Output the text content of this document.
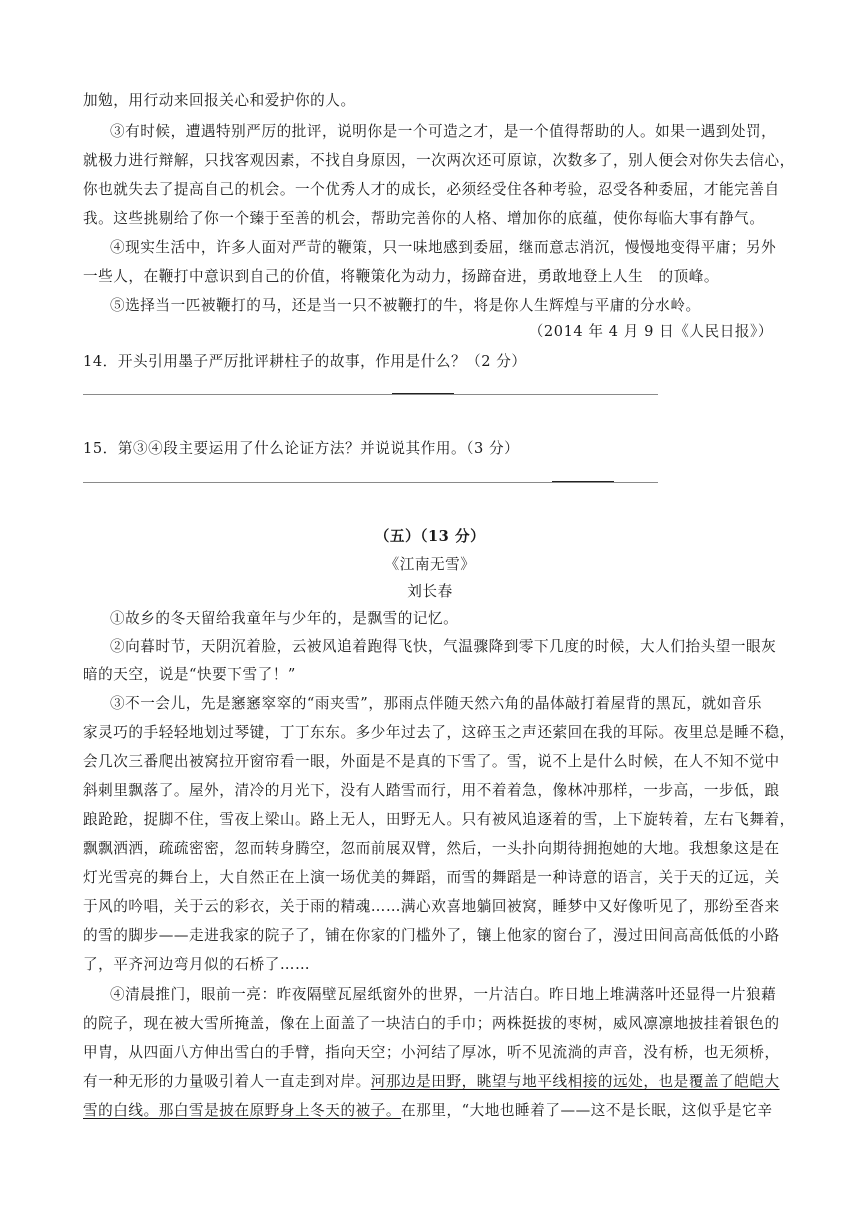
加勉，用行动来回报关心和爱护你的人。
③有时候，遭遇特别严厉的批评，说明你是一个可造之才，是一个值得帮助的人。如果一遇到处罚，
就极力进行辩解，只找客观因素，不找自身原因，一次两次还可原谅，次数多了，别人便会对你失去信心，
你也就失去了提高自己的机会。一个优秀人才的成长，必须经受住各种考验，忍受各种委屈，才能完善自
我。这些挑剔给了你一个臻于至善的机会，帮助完善你的人格、增加你的底蕴，使你每临大事有静气。
④现实生活中，许多人面对严苛的鞭策，只一味地感到委屈，继而意志消沉，慢慢地变得平庸；另外
一些人，在鞭打中意识到自己的价值，将鞭策化为动力，扬蹄奋进，勇敢地登上人生　的顶峰。
⑤选择当一匹被鞭打的马，还是当一只不被鞭打的牛，将是你人生辉煌与平庸的分水岭。
（2014 年 4 月 9 日《人民日报》）
14．开头引用墨子严厉批评耕柱子的故事，作用是什么？（2 分）
15．第③④段主要运用了什么论证方法？并说说其作用。（3 分）
（五）（13 分）
《江南无雪》
刘长春
①故乡的冬天留给我童年与少年的，是飘雪的记忆。
②向暮时节，天阴沉着脸，云被风追着跑得飞快，气温骤降到零下几度的时候，大人们抬头望一眼灰
暗的天空，说是“快要下雪了！”
③不一会儿，先是窸窸窣窣的“雨夹雪”，那雨点伴随天然六角的晶体敲打着屋背的黑瓦，就如音乐
家灵巧的手轻轻地划过琴键，丁丁东东。多少年过去了，这碎玉之声还萦回在我的耳际。夜里总是睡不稳，
会几次三番爬出被窝拉开窗帘看一眼，外面是不是真的下雪了。雪，说不上是什么时候，在人不知不觉中
斜刺里飘落了。屋外，清冷的月光下，没有人踏雪而行，用不着着急，像林冲那样，一步高，一步低，踉
踉跄跄，捉脚不住，雪夜上梁山。路上无人，田野无人。只有被风追逐着的雪，上下旋转着，左右飞舞着，
飘飘洒洒，疏疏密密，忽而转身腾空，忽而前展双臂，然后，一头扑向期待拥抱她的大地。我想象这是在
灯光雪亮的舞台上，大自然正在上演一场优美的舞蹈，而雪的舞蹈是一种诗意的语言，关于天的辽远，关
于风的吟唱，关于云的彩衣，关于雨的精魂……满心欢喜地躺回被窝，睡梦中又好像听见了，那纷至沓来
的雪的脚步——走进我家的院子了，铺在你家的门槛外了，镶上他家的窗台了，漫过田间高高低低的小路
了，平齐河边弯月似的石桥了……
④清晨推门，眼前一亮：昨夜隔壁瓦屋纸窗外的世界，一片洁白。昨日地上堆满落叶还显得一片狼藉
的院子，现在被大雪所掩盖，像在上面盖了一块洁白的手巾；两株挺拔的枣树，威风凛凛地披挂着银色的
甲胄，从四面八方伸出雪白的手臂，指向天空；小河结了厚冰，听不见流淌的声音，没有桥，也无须桥，
有一种无形的力量吸引着人一直走到对岸。河那边是田野，眺望与地平线相接的远处，也是覆盖了皑皑大
雪的白线。那白雪是披在原野身上冬天的被子。在那里，“大地也睡着了——这不是长眠，这似乎是它辛
